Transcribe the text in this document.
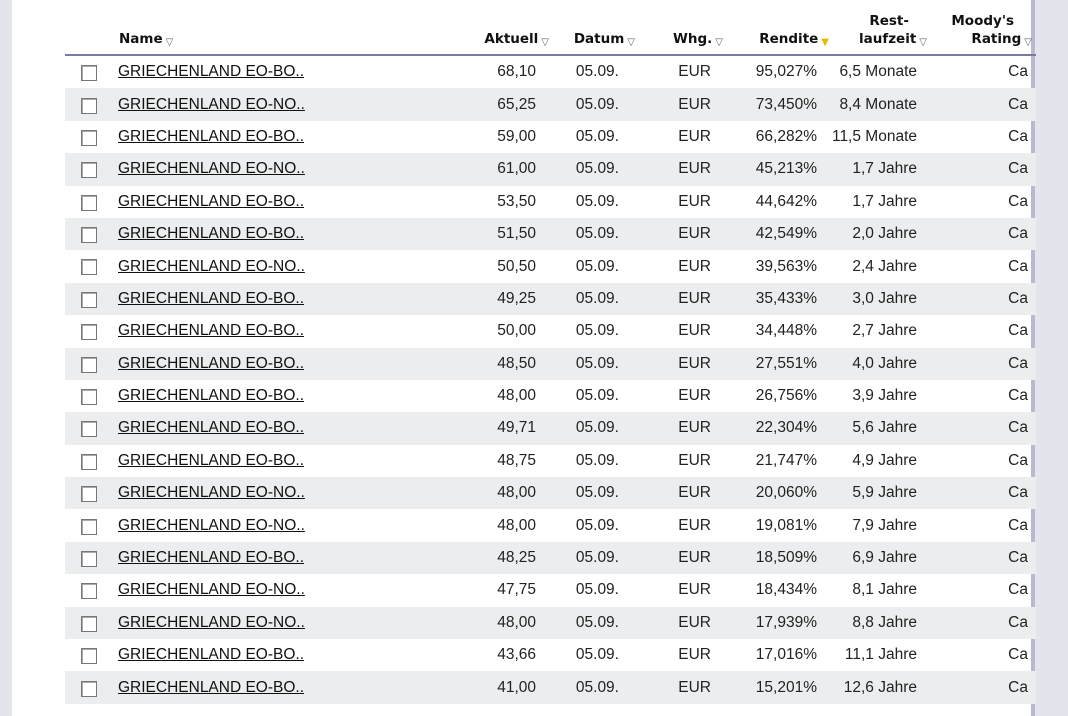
	Name ▽	Aktuell ▽	Datum ▽	Whg. ▽	Rendite ▼	Rest-
laufzeit ▽	Moody's
Rating ▽
	GRIECHENLAND EO-BO..	68,10	05.09.	EUR	95,027%	6,5 Monate	Ca
	GRIECHENLAND EO-NO..	65,25	05.09.	EUR	73,450%	8,4 Monate	Ca
	GRIECHENLAND EO-BO..	59,00	05.09.	EUR	66,282%	11,5 Monate	Ca
	GRIECHENLAND EO-NO..	61,00	05.09.	EUR	45,213%	1,7 Jahre	Ca
	GRIECHENLAND EO-BO..	53,50	05.09.	EUR	44,642%	1,7 Jahre	Ca
	GRIECHENLAND EO-BO..	51,50	05.09.	EUR	42,549%	2,0 Jahre	Ca
	GRIECHENLAND EO-NO..	50,50	05.09.	EUR	39,563%	2,4 Jahre	Ca
	GRIECHENLAND EO-BO..	49,25	05.09.	EUR	35,433%	3,0 Jahre	Ca
	GRIECHENLAND EO-BO..	50,00	05.09.	EUR	34,448%	2,7 Jahre	Ca
	GRIECHENLAND EO-BO..	48,50	05.09.	EUR	27,551%	4,0 Jahre	Ca
	GRIECHENLAND EO-BO..	48,00	05.09.	EUR	26,756%	3,9 Jahre	Ca
	GRIECHENLAND EO-BO..	49,71	05.09.	EUR	22,304%	5,6 Jahre	Ca
	GRIECHENLAND EO-BO..	48,75	05.09.	EUR	21,747%	4,9 Jahre	Ca
	GRIECHENLAND EO-NO..	48,00	05.09.	EUR	20,060%	5,9 Jahre	Ca
	GRIECHENLAND EO-NO..	48,00	05.09.	EUR	19,081%	7,9 Jahre	Ca
	GRIECHENLAND EO-BO..	48,25	05.09.	EUR	18,509%	6,9 Jahre	Ca
	GRIECHENLAND EO-NO..	47,75	05.09.	EUR	18,434%	8,1 Jahre	Ca
	GRIECHENLAND EO-NO..	48,00	05.09.	EUR	17,939%	8,8 Jahre	Ca
	GRIECHENLAND EO-BO..	43,66	05.09.	EUR	17,016%	11,1 Jahre	Ca
	GRIECHENLAND EO-BO..	41,00	05.09.	EUR	15,201%	12,6 Jahre	Ca
